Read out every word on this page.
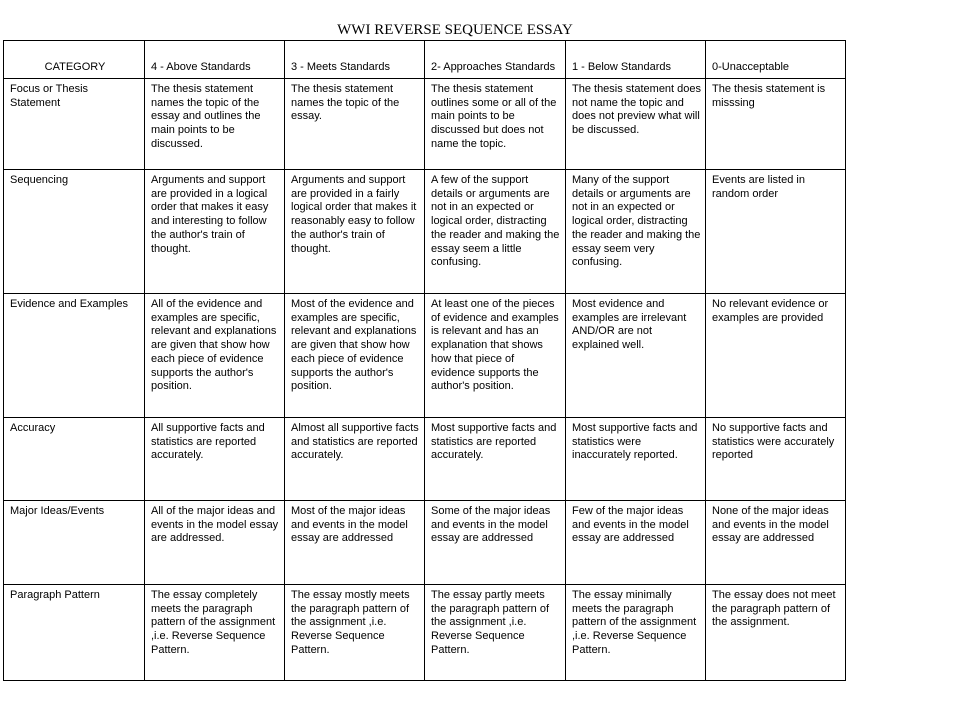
WWI REVERSE SEQUENCE ESSAY
CATEGORY	4 - Above Standards	3 - Meets Standards	2- Approaches Standards	1 - Below Standards	0-Unacceptable
Focus or Thesis Statement	The thesis statement names the topic of the essay and outlines the main points to be discussed.	The thesis statement names the topic of the essay.	The thesis statement outlines some or all of the main points to be discussed but does not name the topic.	The thesis statement does not name the topic and does not preview what will be discussed.	The thesis statement is misssing
Sequencing	Arguments and support are provided in a logical order that makes it easy and interesting to follow the author's train of thought.	Arguments and support are provided in a fairly logical order that makes it reasonably easy to follow the author's train of thought.	A few of the support details or arguments are not in an expected or logical order, distracting the reader and making the essay seem a little confusing.	Many of the support details or arguments are not in an expected or logical order, distracting the reader and making the essay seem very confusing.	Events are listed in random order
Evidence and Examples	All of the evidence and examples are specific, relevant and explanations are given that show how each piece of evidence supports the author's position.	Most of the evidence and examples are specific, relevant and explanations are given that show how each piece of evidence supports the author's position.	At least one of the pieces of evidence and examples is relevant and has an explanation that shows how that piece of evidence supports the author's position.	Most evidence and examples are irrelevant AND/OR are not explained well.	No relevant evidence or examples are provided
Accuracy	All supportive facts and statistics are reported accurately.	Almost all supportive facts and statistics are reported accurately.	Most supportive facts and statistics are reported accurately.	Most supportive facts and statistics were inaccurately reported.	No supportive facts and statistics were accurately reported
Major Ideas/Events	All of the major ideas and events in the model essay are addressed.	Most of the major ideas and events in the model essay are addressed	Some of the major ideas and events in the model essay are addressed	Few of the major ideas and events in the model essay are addressed	None of the major ideas and events in the model essay are addressed
Paragraph Pattern	The essay completely meets the paragraph pattern of the assignment ,i.e. Reverse Sequence Pattern.	The essay mostly meets the paragraph pattern of the assignment ,i.e. Reverse Sequence Pattern.	The essay partly meets the paragraph pattern of the assignment ,i.e. Reverse Sequence Pattern.	The essay minimally meets the paragraph pattern of the assignment ,i.e. Reverse Sequence Pattern.	The essay does not meet the paragraph pattern of the assignment.
